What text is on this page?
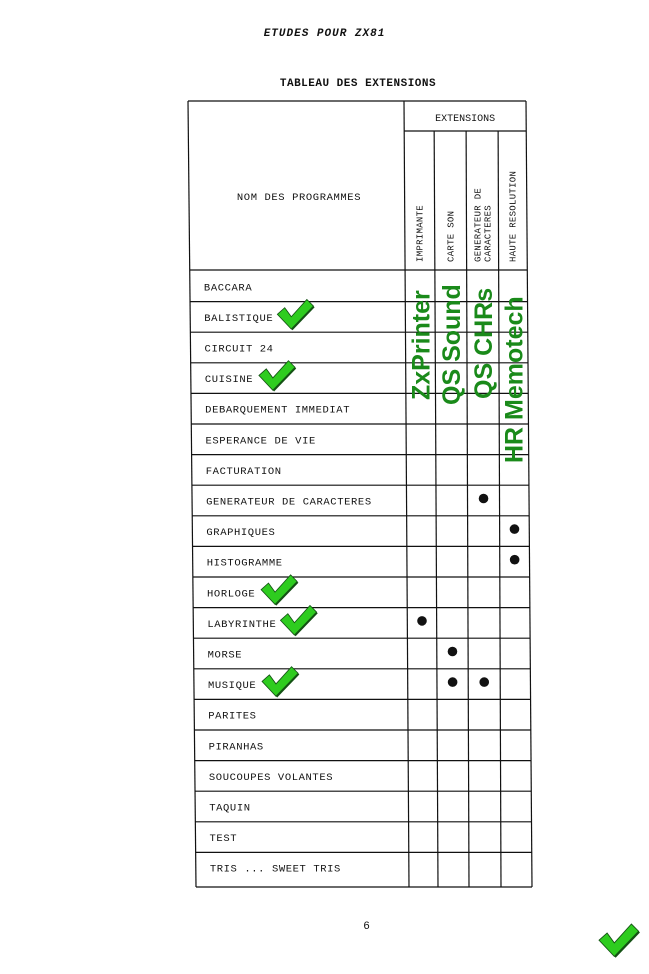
ETUDES POUR ZX81
TABLEAU DES EXTENSIONS
EXTENSIONS
NOM DES PROGRAMMES
IMPRIMANTE CARTE SON GENERATEUR DE CARACTERES HAUTE RESOLUTION
BACCARA
BALISTIQUE
CIRCUIT 24
CUISINE
DEBARQUEMENT IMMEDIAT
ESPERANCE DE VIE
FACTURATION
GENERATEUR DE CARACTERES
GRAPHIQUES
HISTOGRAMME
HORLOGE
LABYRINTHE
MORSE
MUSIQUE
PARITES
PIRANHAS
SOUCOUPES VOLANTES
TAQUIN
TEST
TRIS ... SWEET TRIS
ZxPrinter QS Sound QS CHRs HR Memotech
6
